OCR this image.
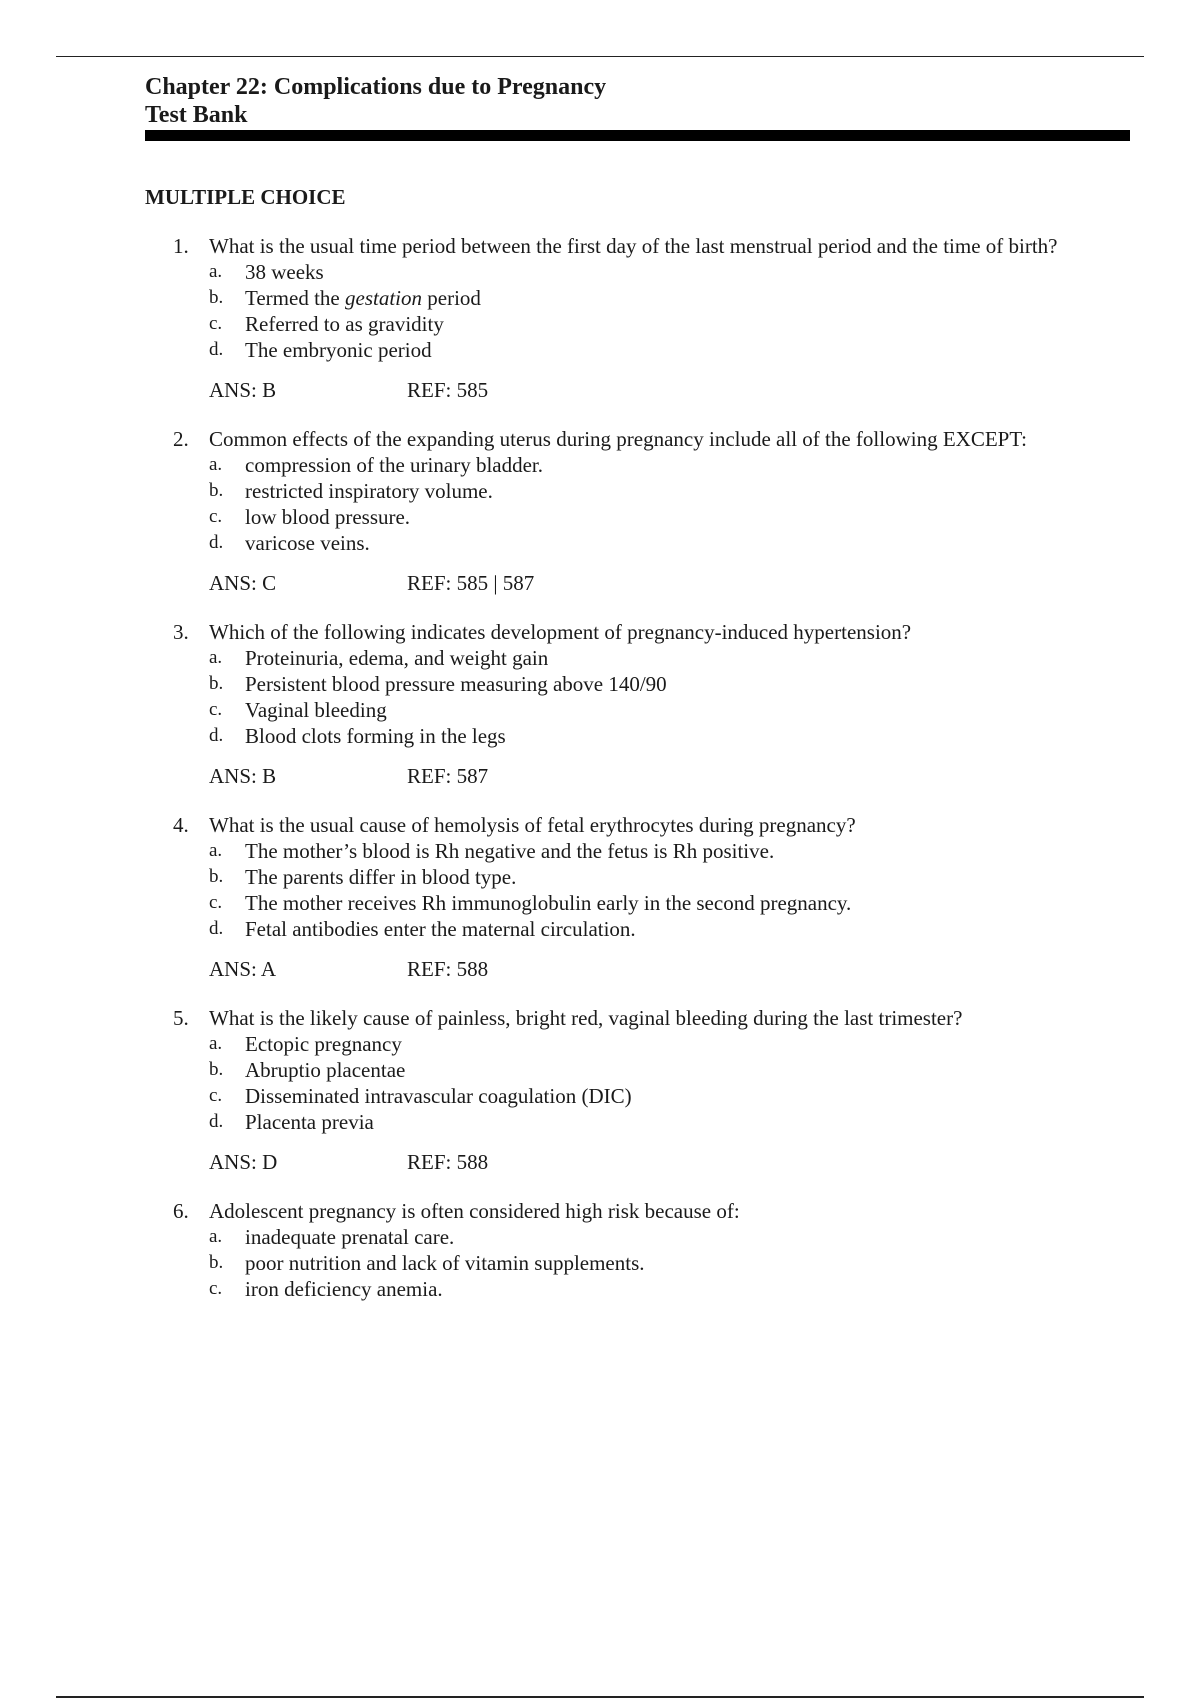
Chapter 22: Complications due to Pregnancy
Test Bank
MULTIPLE CHOICE
1. What is the usual time period between the first day of the last menstrual period and the time of birth?

a.	38 weeks
b.	Termed the gestation period
c.	Referred to as gravidity
d.	The embryonic period
ANS: B	REF: 585
2. Common effects of the expanding uterus during pregnancy include all of the following EXCEPT:

a.	compression of the urinary bladder.
b.	restricted inspiratory volume.
c.	low blood pressure.
d.	varicose veins.
ANS: C	REF: 585 | 587
3. Which of the following indicates development of pregnancy-induced hypertension?

a.	Proteinuria, edema, and weight gain
b.	Persistent blood pressure measuring above 140/90
c.	Vaginal bleeding
d.	Blood clots forming in the legs
ANS: B	REF: 587
4. What is the usual cause of hemolysis of fetal erythrocytes during pregnancy?

a.	The mother’s blood is Rh negative and the fetus is Rh positive.
b.	The parents differ in blood type.
c.	The mother receives Rh immunoglobulin early in the second pregnancy.
d.	Fetal antibodies enter the maternal circulation.
ANS: A	REF: 588
5. What is the likely cause of painless, bright red, vaginal bleeding during the last trimester?

a.	Ectopic pregnancy
b.	Abruptio placentae
c.	Disseminated intravascular coagulation (DIC)
d.	Placenta previa
ANS: D	REF: 588
6. Adolescent pregnancy is often considered high risk because of:

a.	inadequate prenatal care.
b.	poor nutrition and lack of vitamin supplements.
c.	iron deficiency anemia.
